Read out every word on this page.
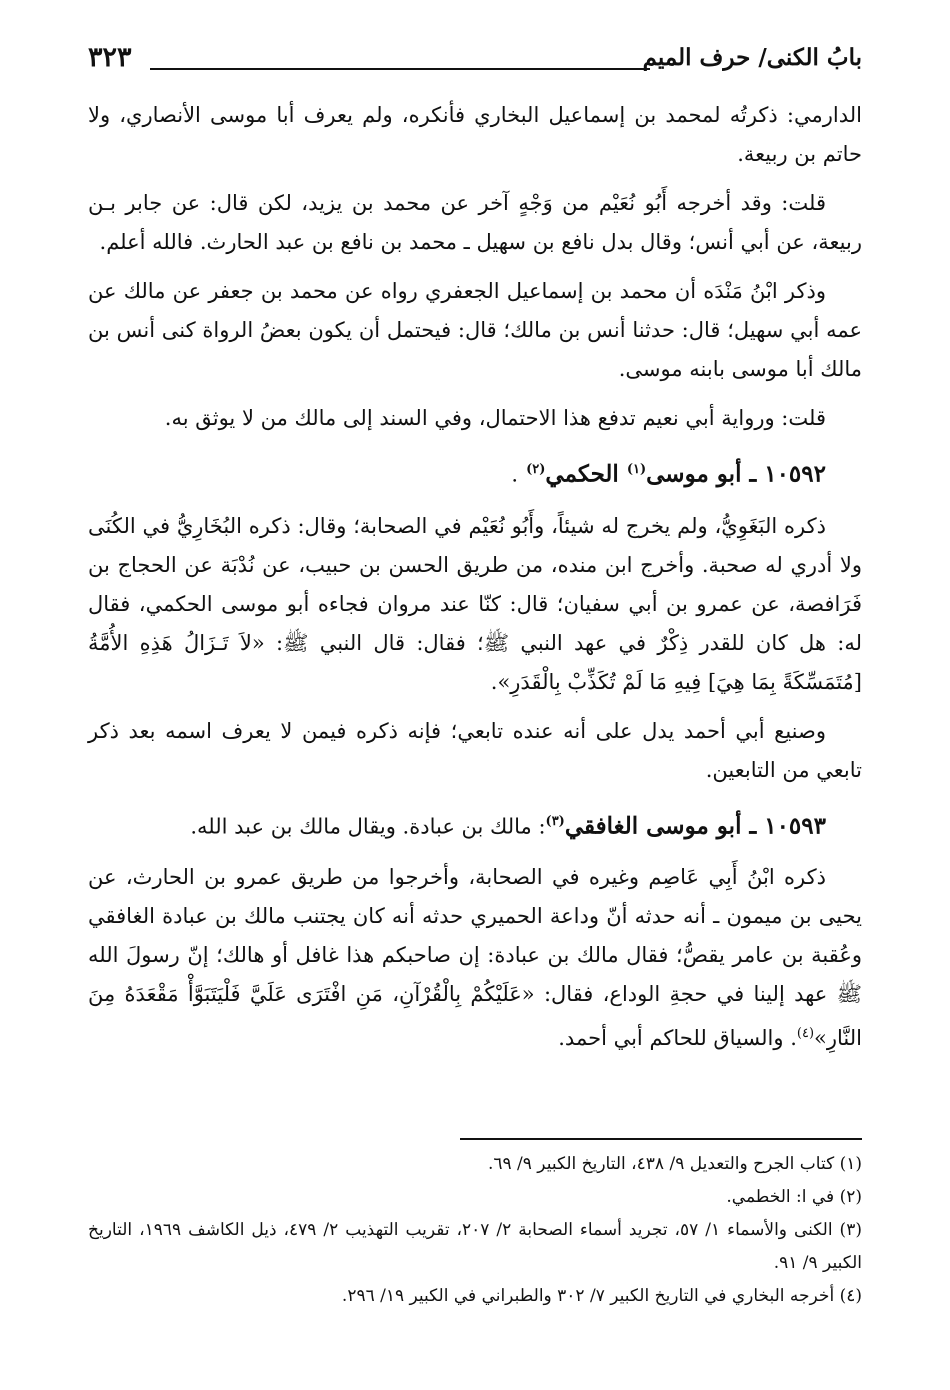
٣٢٣	بابُ الكنى/ حرف الميم

الدارمي: ذكرتُه لمحمد بن إسماعيل البخاري فأنكره، ولم يعرف أبا موسى الأنصاري، ولا حاتم بن ربيعة.

قلت: وقد أخرجه أَبُو نُعَيْم من وَجْهٍ آخر عن محمد بن يزيد، لكن قال: عن جابر بـن ربيعة، عن أبي أنس؛ وقال بدل نافع بن سهيل ـ محمد بن نافع بن عبد الحارث. فالله أعلم.

وذكر ابْنُ مَنْدَه أن محمد بن إسماعيل الجعفري رواه عن محمد بن جعفر عن مالك عن عمه أبي سهيل؛ قال: حدثنا أنس بن مالك؛ قال: فيحتمل أن يكون بعضُ الرواة كنى أنس بن مالك أبا موسى بابنه موسى.

قلت: ورواية أبي نعيم تدفع هذا الاحتمال، وفي السند إلى مالك من لا يوثق به.

١٠٥٩٢ ـ أبو موسى$^{(١)}$ الحكمي$^{(٢)}$ .

ذكره البَغَوِيُّ، ولم يخرج له شيئاً، وأَبُو نُعَيْم في الصحابة؛ وقال: ذكره البُخَارِيُّ في الكُنَى ولا أدري له صحبة. وأخرج ابن منده، من طريق الحسن بن حبيب، عن نُدْبَة عن الحجاج بن فَرَافصة، عن عمرو بن أبي سفيان؛ قال: كنّا عند مروان فجاءه أبو موسى الحكمي، فقال له: هل كان للقدر ذِكْرٌ في عهد النبي ﷺ؛ فقال: قال النبي ﷺ: «لاَ تَـزَالُ هَذِهِ الأُمَّةُ [مُتَمَسِّكَةً بِمَا هِيَ] فِيهِ مَا لَمْ تُكَذِّبْ بِالْقَدَرِ».

وصنيع أبي أحمد يدل على أنه عنده تابعي؛ فإنه ذكره فيمن لا يعرف اسمه بعد ذكر تابعي من التابعين.

١٠٥٩٣ ـ أبو موسى الغافقي$^{(٣)}$: مالك بن عبادة. ويقال مالك بن عبد الله.

ذكره ابْنُ أَبِي عَاصِم وغيره في الصحابة، وأخرجوا من طريق عمرو بن الحارث، عن يحيى بن ميمون ـ أنه حدثه أنّ وداعة الحميري حدثه أنه كان يجتنب مالك بن عبادة الغافقي وعُقبة بن عامر يقصُّ؛ فقال مالك بن عبادة: إن صاحبكم هذا غافل أو هالك؛ إنّ رسولَ الله ﷺ عهد إلينا في حجةِ الوداع، فقال: «عَلَيْكُمْ بِالْقُرْآنِ، مَنِ افْتَرَى عَلَيَّ فَلْيَتَبَوَّأْ مَقْعَدَهُ مِنَ النَّارِ»$^{(٤)}$. والسياق للحاكم أبي أحمد.

(١) كتاب الجرح والتعديل ٩/ ٤٣٨، التاريخ الكبير ٩/ ٦٩.

(٢) في ا: الخطمي.

(٣) الكنى والأسماء ١/ ٥٧، تجريد أسماء الصحابة ٢/ ٢٠٧، تقريب التهذيب ٢/ ٤٧٩، ذيل الكاشف ١٩٦٩، التاريخ الكبير ٩/ ٩١.

(٤) أخرجه البخاري في التاريخ الكبير ٧/ ٣٠٢ والطبراني في الكبير ١٩/ ٢٩٦.
